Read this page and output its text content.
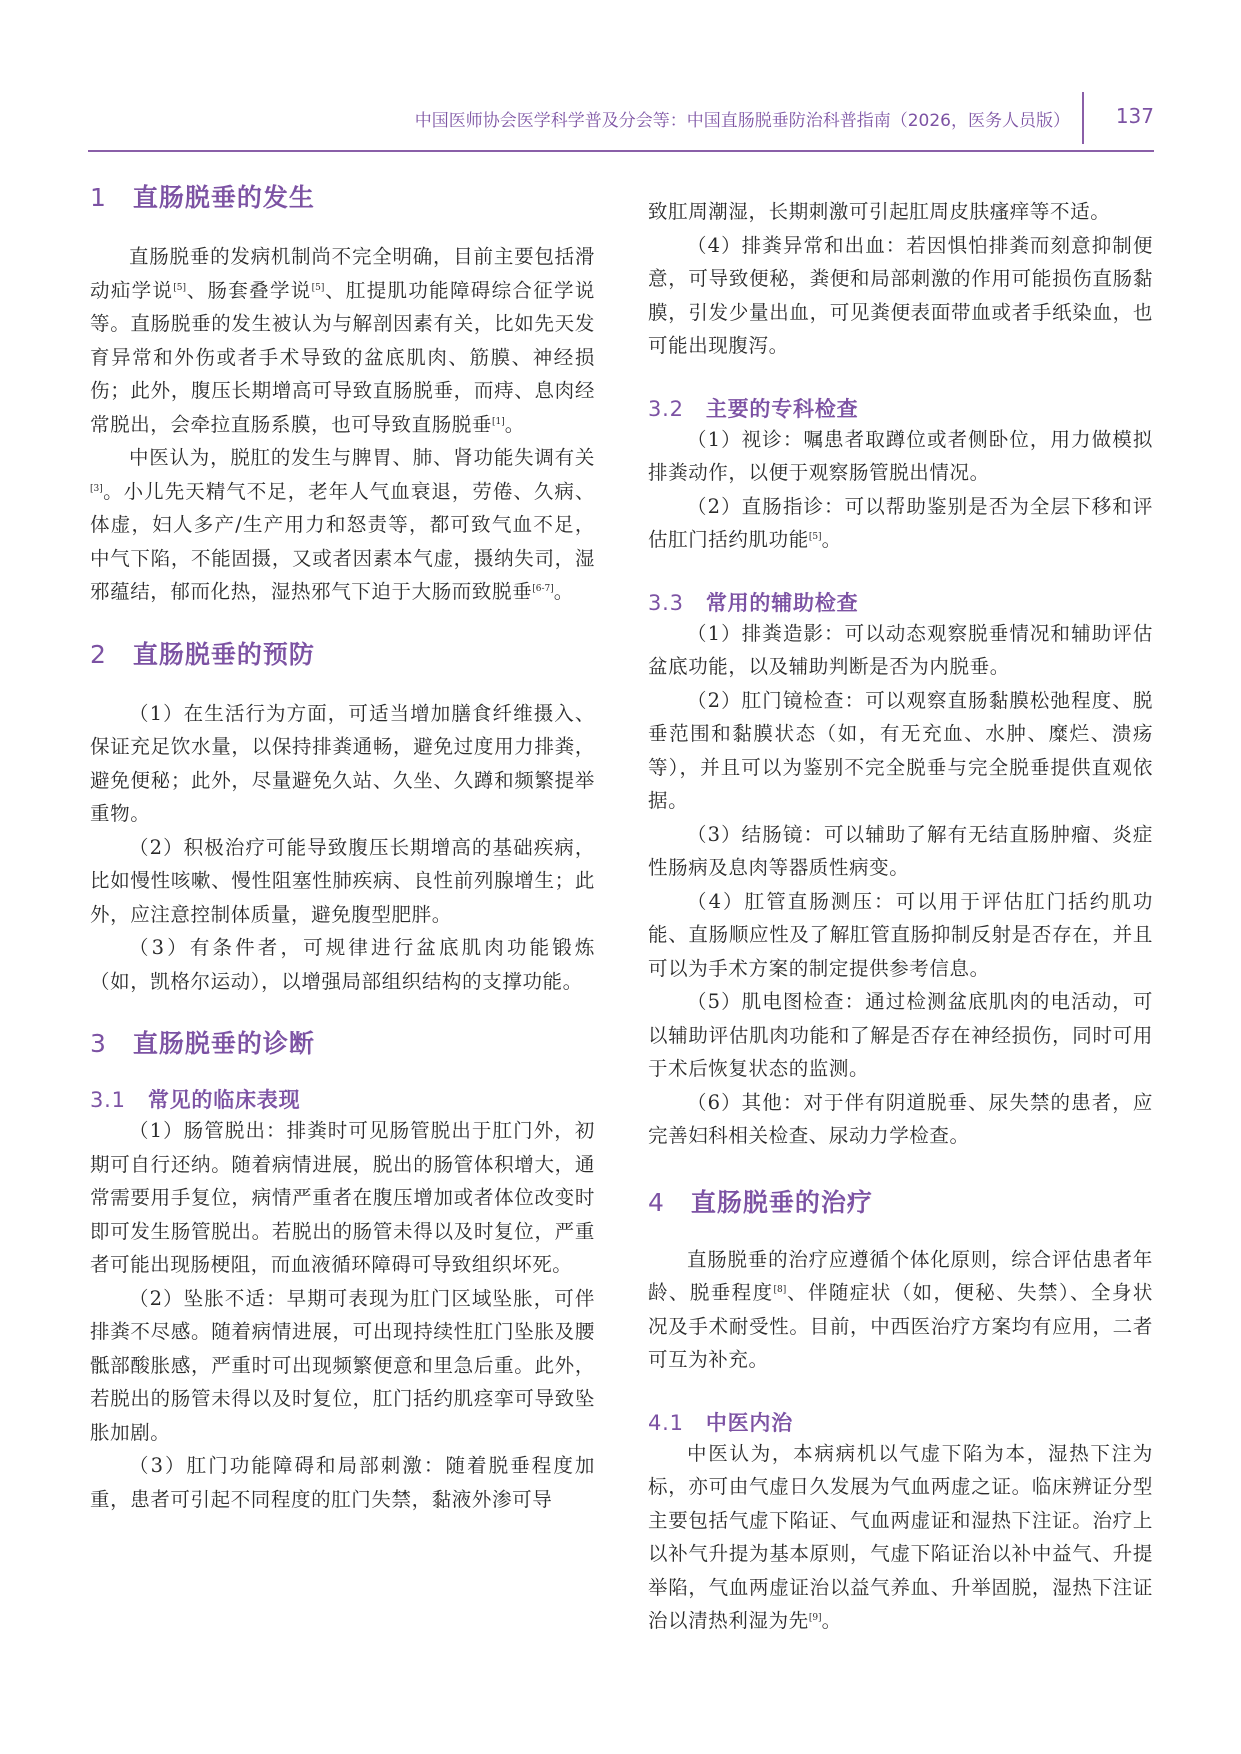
中国医师协会医学科学普及分会等：中国直肠脱垂防治科普指南（2026，医务人员版） 137
1 直肠脱垂的发生

直肠脱垂的发病机制尚不完全明确，目前主要包括滑动疝学说[5]、肠套叠学说[5]、肛提肌功能障碍综合征学说等。直肠脱垂的发生被认为与解剖因素有关，比如先天发育异常和外伤或者手术导致的盆底肌肉、筋膜、神经损伤；此外，腹压长期增高可导致直肠脱垂，而痔、息肉经常脱出，会牵拉直肠系膜，也可导致直肠脱垂[1]。

中医认为，脱肛的发生与脾胃、肺、肾功能失调有关[3]。小儿先天精气不足，老年人气血衰退，劳倦、久病、体虚，妇人多产/生产用力和怒责等，都可致气血不足，中气下陷，不能固摄，又或者因素本气虚，摄纳失司，湿邪蕴结，郁而化热，湿热邪气下迫于大肠而致脱垂[6-7]。

2 直肠脱垂的预防

（1）在生活行为方面，可适当增加膳食纤维摄入、保证充足饮水量，以保持排粪通畅，避免过度用力排粪，避免便秘；此外，尽量避免久站、久坐、久蹲和频繁提举重物。

（2）积极治疗可能导致腹压长期增高的基础疾病，比如慢性咳嗽、慢性阻塞性肺疾病、良性前列腺增生；此外，应注意控制体质量，避免腹型肥胖。

（3）有条件者，可规律进行盆底肌肉功能锻炼（如，凯格尔运动），以增强局部组织结构的支撑功能。

3 直肠脱垂的诊断
3.1 常见的临床表现

（1）肠管脱出：排粪时可见肠管脱出于肛门外，初期可自行还纳。随着病情进展，脱出的肠管体积增大，通常需要用手复位，病情严重者在腹压增加或者体位改变时即可发生肠管脱出。若脱出的肠管未得以及时复位，严重者可能出现肠梗阻，而血液循环障碍可导致组织坏死。

（2）坠胀不适：早期可表现为肛门区域坠胀，可伴排粪不尽感。随着病情进展，可出现持续性肛门坠胀及腰骶部酸胀感，严重时可出现频繁便意和里急后重。此外，若脱出的肠管未得以及时复位，肛门括约肌痉挛可导致坠胀加剧。

（3）肛门功能障碍和局部刺激：随着脱垂程度加重，患者可引起不同程度的肛门失禁，黏液外渗可导

致肛周潮湿，长期刺激可引起肛周皮肤瘙痒等不适。

（4）排粪异常和出血：若因惧怕排粪而刻意抑制便意，可导致便秘，粪便和局部刺激的作用可能损伤直肠黏膜，引发少量出血，可见粪便表面带血或者手纸染血，也可能出现腹泻。

3.2 主要的专科检查

（1）视诊：嘱患者取蹲位或者侧卧位，用力做模拟排粪动作，以便于观察肠管脱出情况。

（2）直肠指诊：可以帮助鉴别是否为全层下移和评估肛门括约肌功能[5]。

3.3 常用的辅助检查

（1）排粪造影：可以动态观察脱垂情况和辅助评估盆底功能，以及辅助判断是否为内脱垂。

（2）肛门镜检查：可以观察直肠黏膜松弛程度、脱垂范围和黏膜状态（如，有无充血、水肿、糜烂、溃疡等），并且可以为鉴别不完全脱垂与完全脱垂提供直观依据。

（3）结肠镜：可以辅助了解有无结直肠肿瘤、炎症性肠病及息肉等器质性病变。

（4）肛管直肠测压：可以用于评估肛门括约肌功能、直肠顺应性及了解肛管直肠抑制反射是否存在，并且可以为手术方案的制定提供参考信息。

（5）肌电图检查：通过检测盆底肌肉的电活动，可以辅助评估肌肉功能和了解是否存在神经损伤，同时可用于术后恢复状态的监测。

（6）其他：对于伴有阴道脱垂、尿失禁的患者，应完善妇科相关检查、尿动力学检查。

4 直肠脱垂的治疗

直肠脱垂的治疗应遵循个体化原则，综合评估患者年龄、脱垂程度[8]、伴随症状（如，便秘、失禁）、全身状况及手术耐受性。目前，中西医治疗方案均有应用，二者可互为补充。

4.1 中医内治

中医认为，本病病机以气虚下陷为本，湿热下注为标，亦可由气虚日久发展为气血两虚之证。临床辨证分型主要包括气虚下陷证、气血两虚证和湿热下注证。治疗上以补气升提为基本原则，气虚下陷证治以补中益气、升提举陷，气血两虚证治以益气养血、升举固脱，湿热下注证治以清热利湿为先[9]。
